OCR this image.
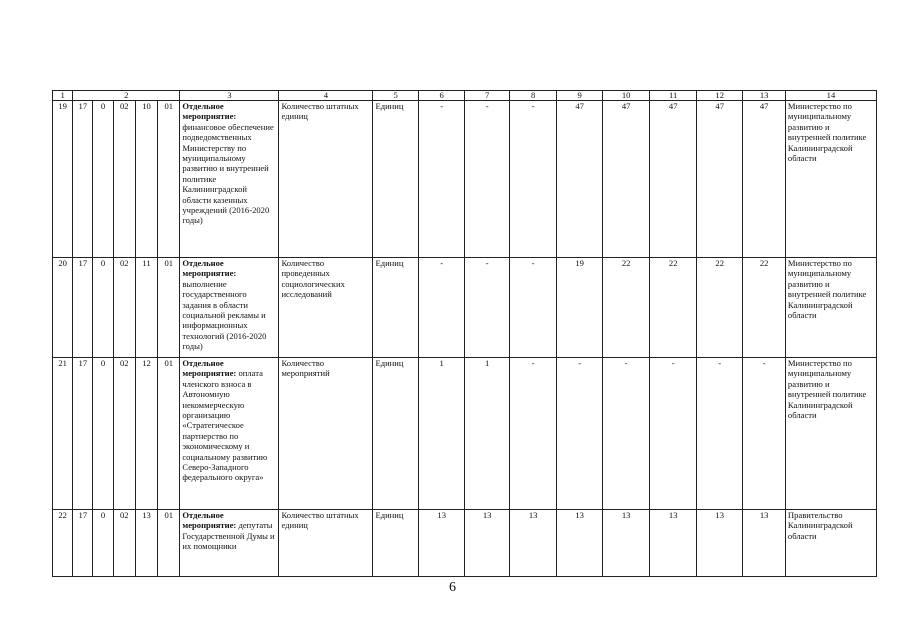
1	2					3	4	5	6	7	8	9	10	11	12	13	14
19	17	0	02	10	01	Отдельное мероприятие: финансовое обеспечение подведомственных Министерству по муниципальному развитию и внутренней политике Калининградской области казенных учреждений (2016-2020 годы)	Количество штатных единиц	Единиц	-	-	-	47	47	47	47	47	Министерство по муниципальному развитию и внутренней политике Калининградской области
20	17	0	02	11	01	Отдельное мероприятие: выполнение государственного задания в области социальной рекламы и информационных технологий (2016-2020 годы)	Количество проведенных социологических исследований	Единиц	-	-	-	19	22	22	22	22	Министерство по муниципальному развитию и внутренней политике Калининградской области
21	17	0	02	12	01	Отдельное мероприятие: оплата членского взноса в Автономную некоммерческую организацию «Стратегическое партнерство по экономическому и социальному развитию Северо-Западного федерального округа»	Количество мероприятий	Единиц	1	1	-	-	-	-	-	-	Министерство по муниципальному развитию и внутренней политике Калининградской области
22	17	0	02	13	01	Отдельное мероприятие: депутаты Государственной Думы и их помощники	Количество штатных единиц	Единиц	13	13	13	13	13	13	13	13	Правительство Калининградской области
6
